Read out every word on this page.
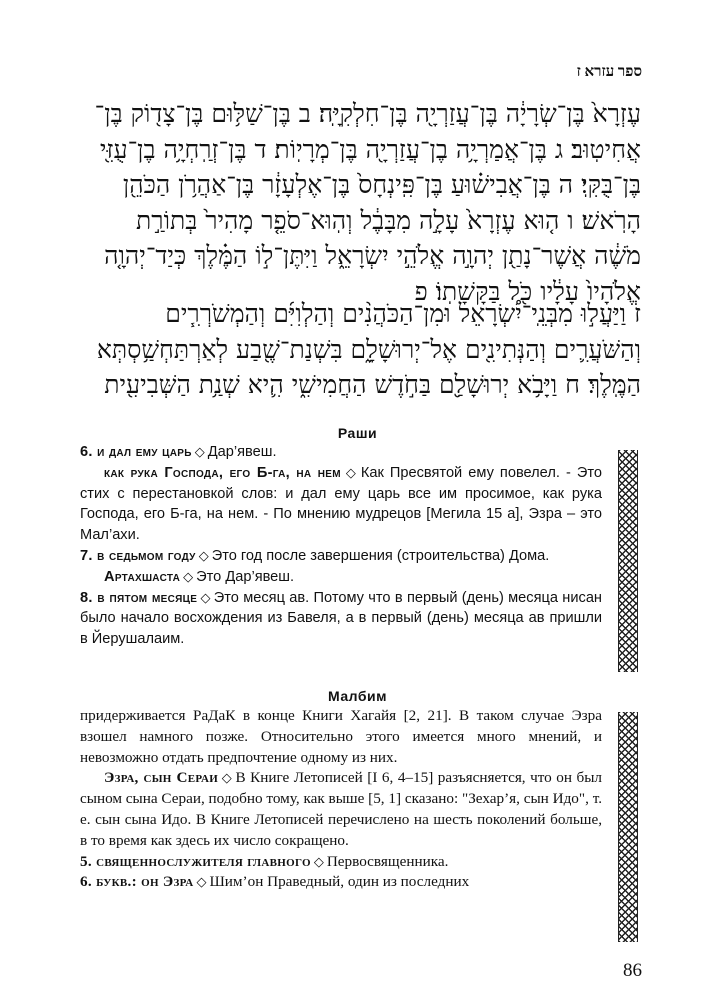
ספר עזרא ז

עֶזְרָא֙ בֶּן־שְׂרָיָ֔ה בֶּן־עֲזַרְיָ֖ה בֶּן־חִלְקִיָּֽה׃ ב בֶּן־שַׁלּ֥וּם בֶּן־צָד֖וֹק בֶּן־

אֲחִיטֽוּב׃ ג בֶּן־אֲמַרְיָ֥ה בֶן־עֲזַרְיָ֖ה בֶּן־מְרָיֽוֹת׃ ד בֶּן־זְרַֽחְיָ֥ה בֶן־עֻזִּ֖י

בֶּן־בֻּקִּֽי׃ ה בֶּן־אֲבִישׁ֗וּעַ בֶּן־פִּֽינְחָס֙ בֶּן־אֶלְעָזָ֔ר בֶּן־אַהֲרֹ֥ן הַכֹּהֵ֖ן

הָרֹֽאשׁ׃ ו ה֤וּא עֶזְרָא֙ עָלָ֣ה מִבָּבֶ֔ל וְהֽוּא־סֹפֵ֤ר מָהִיר֙ בְּתוֹרַ֣ת

מֹשֶׁ֔ה אֲשֶׁר־נָתַ֖ן יְהוָ֣ה אֱלֹהֵ֣י יִשְׂרָאֵ֑ל וַיִּתֶּן־ל֣וֹ הַמֶּ֗לֶךְ כְּיַד־יְהוָ֤ה

אֱלֹהָיו֙ עָלָ֔יו כֹּ֖ל בַּקָּשָׁתֽוֹ׃ פ

ז וַיַּעֲל֣וּ מִבְּנֵֽי־יִ֠שְׂרָאֵל וּמִן־הַכֹּהֲנִ֨ים וְהַלְוִיִּ֜ם וְהַמְשֹׁרְרִ֧ים

וְהַשֹּׁעֲרִ֛ים וְהַנְּתִינִ֖ים אֶל־יְרוּשָׁלִָ֑ם בִּשְׁנַת־שֶׁ֖בַע לְאַרְתַּחְשַׁ֥סְתְּא

הַמֶּֽלֶךְ׃ ח וַיָּבֹ֥א יְרוּשָׁלִַ֖ם בַּחֹ֣דֶשׁ הַחֲמִישִׁ֑י הִ֛יא שְׁנַ֥ת הַשְּׁבִיעִ֖ית

Раши

6. и дал ему царь ◇ Дар’явеш.

как рука Господа, его Б-га, на нем ◇ Как Пресвятой ему повелел. - Это стих с перестановкой слов: и дал ему царь все им просимое, как рука Господа, его Б-га, на нем. - По мнению мудрецов [Мегила 15 а], Эзра – это Мал’ахи.

7. в седьмом году ◇ Это год после завершения (строительства) Дома.

Артахшаста ◇ Это Дар’явеш.

8. в пятом месяце ◇ Это месяц ав. Потому что в первый (день) месяца нисан было начало восхождения из Бавеля, а в первый (день) месяца ав пришли в Йерушалаим.

Малбим

придерживается РаДаК в конце Книги Хагайя [2, 21]. В таком случае Эзра взошел намного позже. Относительно этого имеется много мнений, и невозможно отдать предпочтение одному из них.

Эзра, сын Сераи ◇ В Книге Летописей [I 6, 4–15] разъясняется, что он был сыном сына Сераи, подобно тому, как выше [5, 1] сказано: "Зехар’я, сын Идо", т. е. сын сына Идо. В Книге Летописей перечислено на шесть поколений больше, в то время как здесь их число сокращено.

5. священнослужителя главного ◇ Первосвященника.

6. букв.: он Эзра ◇ Шим’он Праведный, один из последних

86
